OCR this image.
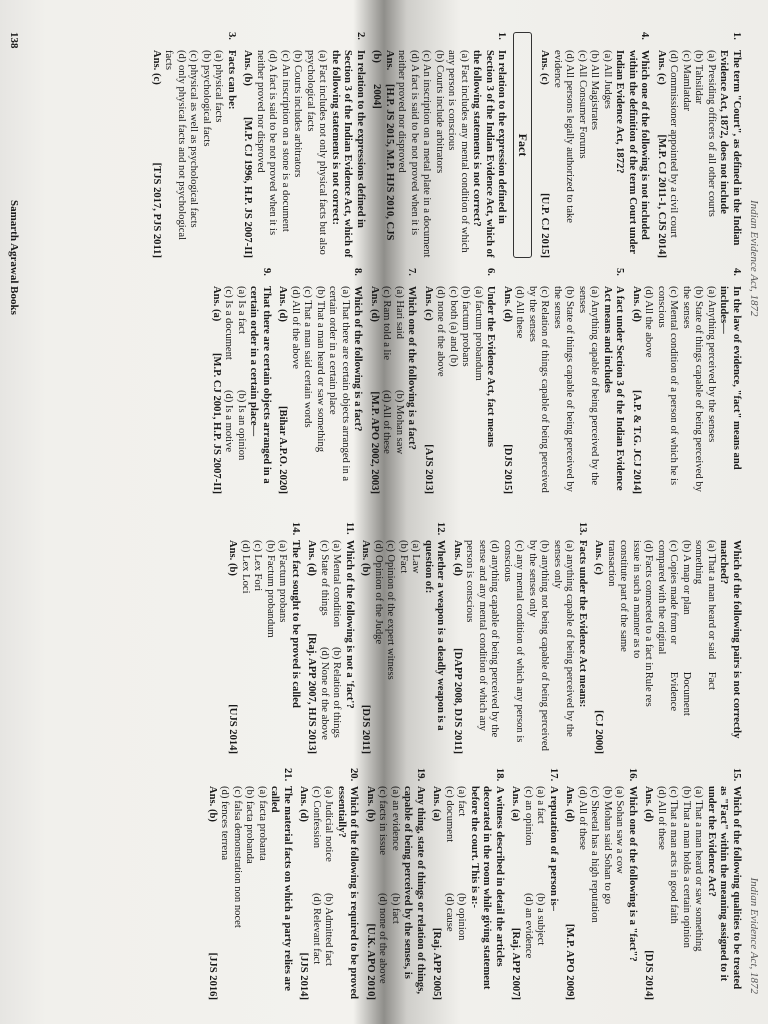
Indian Evidence Act, 1872
1.
The term "Court", as defined in the Indian Evidence Act, 1872, does not include
(a) Presiding officers of all other courts
(b) Tahsildar
(c) Mamlatdar
(d) Commissioner appointed by a civil court
Ans. (c)
[M.P. CJ 2011-1, CJS 2014]
4.
Which one of the following is not included within the definition of the term Court under Indian Evidence Act, 1872?
(a) All Judges
(b) All Magistrates
(c) All Consumer Forums
(d) All persons legally authorized to take evidence
Ans. (c)
[U.P. CJ 2015]
Fact
1.
In relation to the expression defined in Section 3 of the Indian Evidence Act, which of the following statements is not correct?
(a) Fact includes any mental condition of which any person is conscious
(b) Courts include arbitrators
(c) An inscription on a metal plate in a document
(d) A fact is said to be not proved when it is neither proved nor disproved
Ans. (b)
[H.P. JS 2015, M.P. HJS 2010, CJS 2004]
2.
In relation to the expressions defined in Section 3 of the Indian Evidence Act, which of the following statements is not correct:
(a) Fact includes not only physical facts but also psychological facts
(b) Courts includes arbitrators
(c) An inscription on a stone is a document
(d) A fact is said to be not proved when it is neither proved nor disproved
Ans. (b)
[M.P. CJ 1996, H.P. JS 2007-II]
3.
Facts can be:
(a) physical facts
(b) psychological facts
(c) physical as well as psychological facts
(d) only physical facts and not psychological facts
Ans. (c)
[TJS 2017, PJS 2011]
4.
In the law of evidence, "fact" means and includes—
(a) Anything perceived by the senses
(b) State of things capable of being perceived by the senses
(c) Mental condition of a person of which he is conscious
(d) All the above
Ans. (d)
[A.P. & T.G. JCJ 2014]
5.
A fact under Section 3 of the Indian Evidence Act means and includes
(a) Anything capable of being perceived by the senses
(b) State of things capable of being perceived by the senses
(c) Relation of things capable of being perceived by the senses
(d) All these
Ans. (d)
[DJS 2015]
6.
Under the Evidence Act, fact means
(a) factum probandum
(b) factum probans
(c) both (a) and (b)
(d) none of the above
Ans. (c)
[AJS 2013]
7.
Which one of the following is a fact?
(a) Hari said
(b) Mohan saw
(c) Ram told a lie
(d) All of these
Ans. (d)
[M.P. APO 2002, 2003]
8.
Which of the following is a fact?
(a) That there are certain objects arranged in a certain order in a certain place
(b) That a man heard or saw something
(c) That a man said certain words
(d) All of the above
Ans. (d)
[Bihar A.P.O. 2020]
9.
That there are certain objects arranged in a certain order in a certain place—
(a) Is a fact
(b) Is an opinion
(c) Is a document
(d) Is a motive
Ans. (a)
[M.P. CJ 2001, H.P. JS 2007-II]
138
Samarth Agrawal Books
Indian Evidence Act, 1872
Which of the following pairs is not correctly matched?
(a) That a man heard or said something
Fact
(b) A map or plan
Document
(c) Copies made from or compared with the original
Evidence
(d) Facts connected to a fact in issue in such a manner as to constitute part of the same transaction
Rule res
Ans. (c)
[CJ 2000]
13.
Facts under the Evidence Act means:
(a) anything capable of being perceived by the senses only
(b) anything not being capable of being perceived by the senses only
(c) any mental condition of which any person is conscious
(d) anything capable of being perceived by the sense and any mental condition of which any person is conscious
Ans. (d)
[DAPP 2008, DJS 2011]
12.
Whether a weapon is a deadly weapon is a question of:
(a) Law
(b) Fact
(c) Opinion of the expert witness
(d) Opinion of the Judge
Ans. (b)
[DJS 2011]
11.
Which of the following is not a 'fact'?
(a) Mental condition
(b) Relation of things
(c) State of things
(d) None of the above
Ans. (d)
[Raj. APP 2007, HJS 2013]
14.
The fact sought to be proved is called
(a) Factum probans
(b) Factum probandum
(c) Lex Fori
(d) Lex Loci
Ans. (b)
[UJS 2014]
15.
Which of the following qualities to be treated as "Fact" within the meaning assigned to it under the Evidence Act?
(a) That a man heard or saw something
(b) That a man holds a certain opinion
(c) That a man acts in good faith
(d) All of these
Ans. (d)
[DJS 2014]
16.
Which one of the following is a "fact"?
(a) Sohan saw a cow
(b) Mohan said Sohan to go
(c) Sheetal has a high reputation
(d) All of these
Ans. (d)
[M.P. APO 2009]
17.
A reputation of a person is–
(a) a fact
(b) a subject
(c) an opinion
(d) an evidence
Ans. (a)
[Raj. APP 2007]
18.
A witness described in detail the articles decorated in the room while giving statement before the court. This is a:-
(a) fact
(b) opinion
(c) document
(d) cause
Ans. (a)
[Raj. APP 2005]
19.
Any thing, state of things or relation of things, capable of being perceived by the senses, is
(a) an evidence
(b) fact
(c) facts in issue
(d) none of the above
Ans. (b)
[U.K. APO 2010]
20.
Which of the following is required to be proved essentially?
(a) Judicial notice
(b) Admitted fact
(c) Confession
(d) Relevant fact
Ans. (d)
[JJS 2014]
21.
The material facts on which a party relies are called
(a) facta probanta
(b) facta probanda
(c) falsa demonstration non nocet
(d) fences terrena
Ans. (b)
[JJS 2016]
